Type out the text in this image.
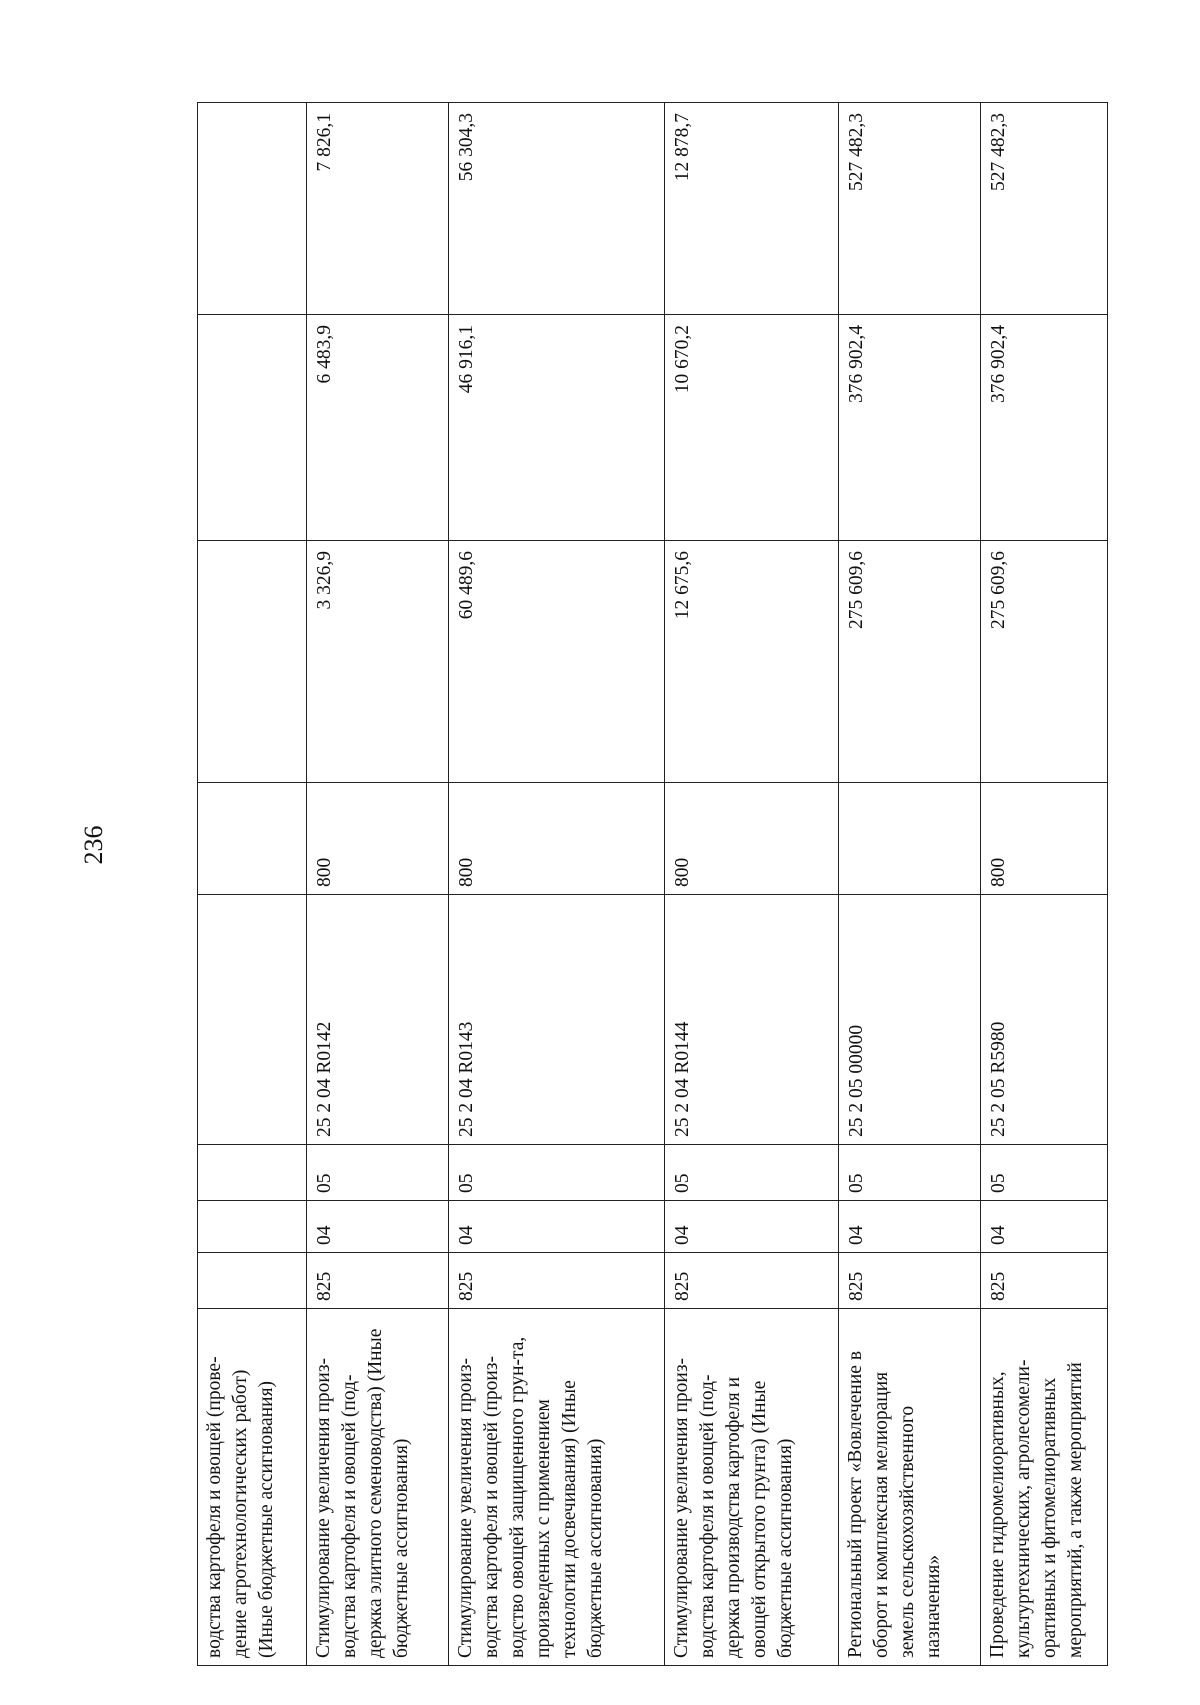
236
водства картофеля и овощей (прове-дение агротехнологических работ) (Иные бюджетные ассигнования)								
Стимулирование увеличения произ-водства картофеля и овощей (под-держка элитного семеноводства) (Иные бюджетные ассигнования)	825	04	05	25 2 04 R0142	800	3 326,9	6 483,9	7 826,1
Стимулирование увеличения произ-водства картофеля и овощей (произ-водство овощей защищенного грун-та, произведенных с применением технологии досвечивания) (Иные бюджетные ассигнования)	825	04	05	25 2 04 R0143	800	60 489,6	46 916,1	56 304,3
Стимулирование увеличения произ-водства картофеля и овощей (под-держка производства картофеля и овощей открытого грунта) (Иные бюджетные ассигнования)	825	04	05	25 2 04 R0144	800	12 675,6	10 670,2	12 878,7
Региональный проект «Вовлечение в оборот и комплексная мелиорация земель сельскохозяйственного назначения»	825	04	05	25 2 05 00000		275 609,6	376 902,4	527 482,3
Проведение гидромелиоративных, культуртехнических, агролесомели-оративных и фитомелиоративных мероприятий, а также мероприятий	825	04	05	25 2 05 R5980	800	275 609,6	376 902,4	527 482,3
